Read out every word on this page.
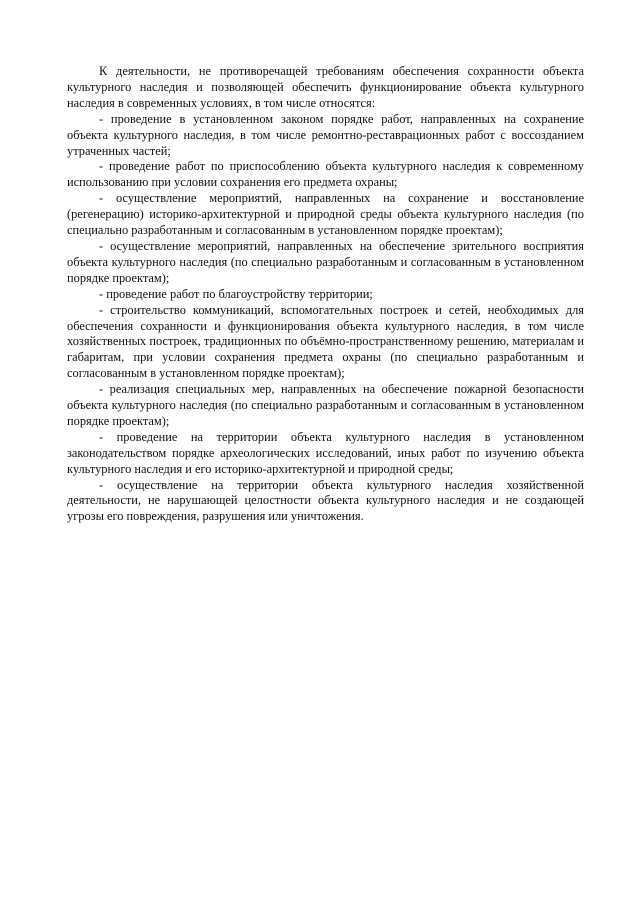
К деятельности, не противоречащей требованиям обеспечения сохранности объекта культурного наследия и позволяющей обеспечить функционирование объекта культурного наследия в современных условиях, в том числе относятся:

- проведение в установленном законом порядке работ, направленных на сохранение объекта культурного наследия, в том числе ремонтно-реставрационных работ с воссозданием утраченных частей;

- проведение работ по приспособлению объекта культурного наследия к современному использованию при условии сохранения его предмета охраны;

- осуществление мероприятий, направленных на сохранение и восстановление (регенерацию) историко-архитектурной и природной среды объекта культурного наследия (по специально разработанным и согласованным в установленном порядке проектам);

- осуществление мероприятий, направленных на обеспечение зрительного восприятия объекта культурного наследия (по специально разработанным и согласованным в установленном порядке проектам);

- проведение работ по благоустройству территории;

- строительство коммуникаций, вспомогательных построек и сетей, необходимых для обеспечения сохранности и функционирования объекта культурного наследия, в том числе хозяйственных построек, традиционных по объёмно-пространственному решению, материалам и габаритам, при условии сохранения предмета охраны (по специально разработанным и согласованным в установленном порядке проектам);

- реализация специальных мер, направленных на обеспечение пожарной безопасности объекта культурного наследия (по специально разработанным и согласованным в установленном порядке проектам);

- проведение на территории объекта культурного наследия в установленном законодательством порядке археологических исследований, иных работ по изучению объекта культурного наследия и его историко-архитектурной и природной среды;

- осуществление на территории объекта культурного наследия хозяйственной деятельности, не нарушающей целостности объекта культурного наследия и не создающей угрозы его повреждения, разрушения или уничтожения.
